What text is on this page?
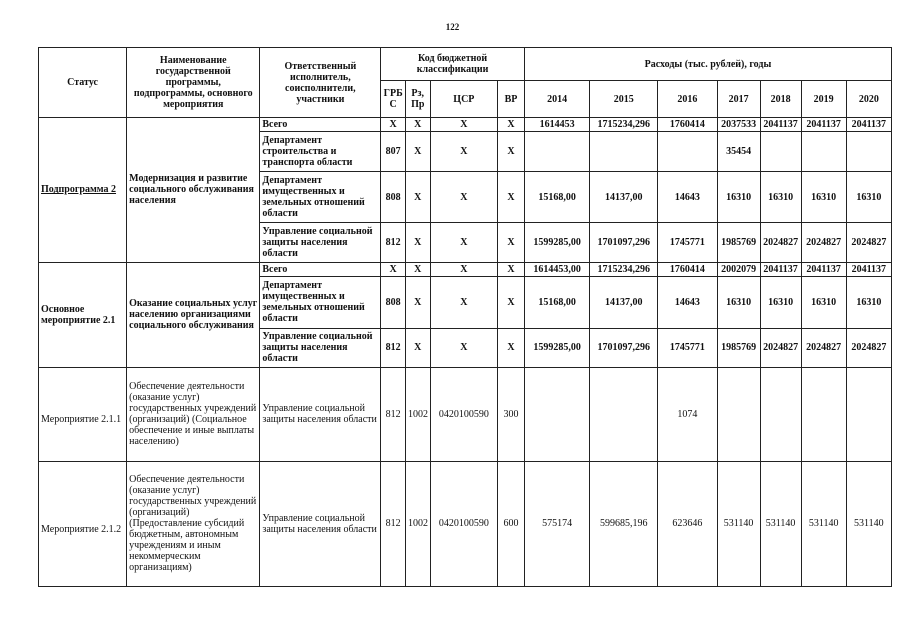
122
Статус	Наименование государственной программы, подпрограммы, основного мероприятия	Ответственный исполнитель, соисполнители, участники	Код бюджетной классификации				Расходы (тыс. рублей), годы						
			ГРБ С	Рз, Пр	ЦСР	ВР	2014	2015	2016	2017	2018	2019	2020
Подпрограмма 2	Модернизация и развитие социального обслуживания населения	Всего	X	X	X	X	1614453	1715234,296	1760414	2037533	2041137	2041137	2041137
		Департамент строительства и транспорта области	807	X	X	X				35454			
		Департамент имущественных и земельных отношений области	808	X	X	X	15168,00	14137,00	14643	16310	16310	16310	16310
		Управление социальной защиты населения области	812	X	X	X	1599285,00	1701097,296	1745771	1985769	2024827	2024827	2024827
Основное мероприятие 2.1	Оказание социальных услуг населению организациями социального обслуживания	Всего	X	X	X	X	1614453,00	1715234,296	1760414	2002079	2041137	2041137	2041137
		Департамент имущественных и земельных отношений области	808	X	X	X	15168,00	14137,00	14643	16310	16310	16310	16310
		Управление социальной защиты населения области	812	X	X	X	1599285,00	1701097,296	1745771	1985769	2024827	2024827	2024827
Мероприятие 2.1.1	Обеспечение деятельности (оказание услуг) государственных учреждений (организаций) (Социальное обеспечение и иные выплаты населению)	Управление социальной защиты населения области	812	1002	0420100590	300			1074				
Мероприятие 2.1.2	Обеспечение деятельности (оказание услуг) государственных учреждений (организаций) (Предоставление субсидий бюджетным, автономным учреждениям и иным некоммерческим организациям)	Управление социальной защиты населения области	812	1002	0420100590	600	575174	599685,196	623646	531140	531140	531140	531140
